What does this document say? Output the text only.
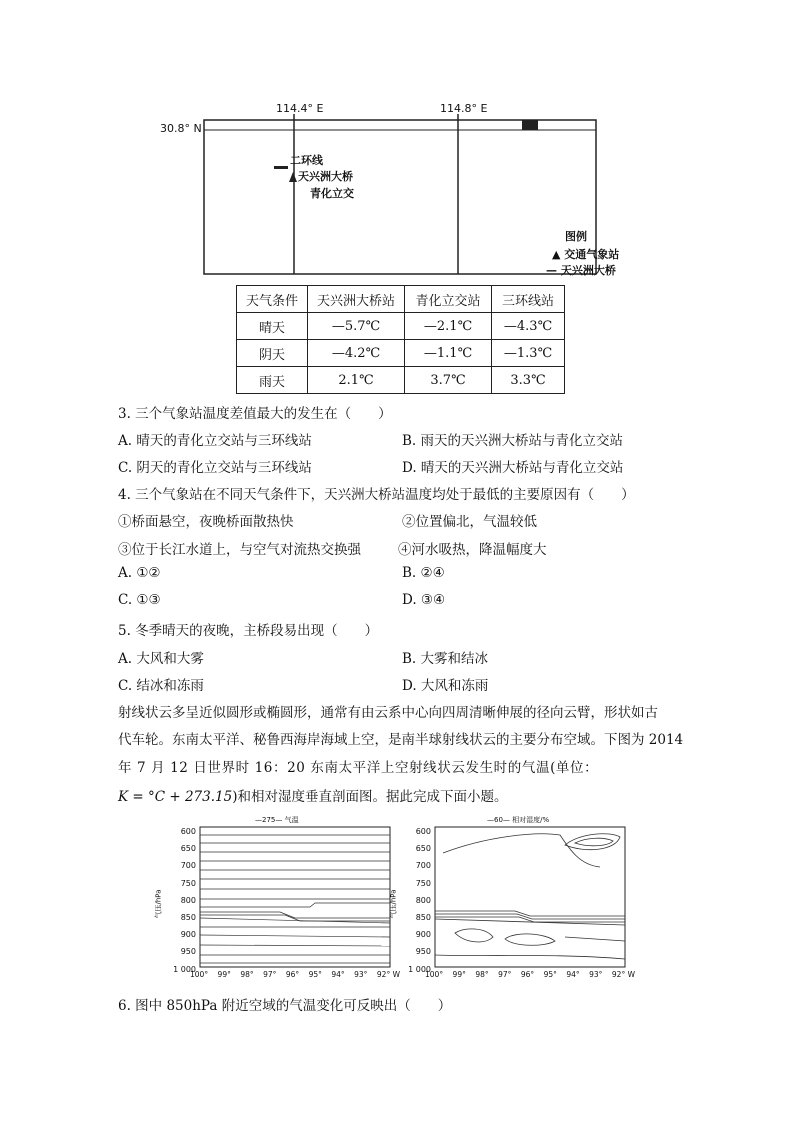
114.4° E	114.8° E
30.8° N
二环线
天兴洲大桥
青化立交
图例
▲ 交通气象站
— 天兴洲大桥
天气条件	天兴洲大桥站	青化立交站	三环线站
晴天	—5.7℃	—2.1℃	—4.3℃
阴天	—4.2℃	—1.1℃	—1.3℃
雨天	2.1℃	3.7℃	3.3℃
3. 三个气象站温度差值最大的发生在（　　）
A. 晴天的青化立交站与三环线站	B. 雨天的天兴洲大桥站与青化立交站
C. 阴天的青化立交站与三环线站	D. 晴天的天兴洲大桥站与青化立交站
4. 三个气象站在不同天气条件下，天兴洲大桥站温度均处于最低的主要原因有（　　）
①桥面悬空，夜晚桥面散热快	②位置偏北，气温较低
③位于长江水道上，与空气对流热交换强	④河水吸热，降温幅度大
A. ①②	B. ②④
C. ①③	D. ③④
5. 冬季晴天的夜晚，主桥段易出现（　　）
A. 大风和大雾	B. 大雾和结冰
C. 结冰和冻雨	D. 大风和冻雨
射线状云多呈近似圆形或椭圆形，通常有由云系中心向四周清晰伸展的径向云臂，形状如古
代车轮。东南太平洋、秘鲁西海岸海域上空，是南半球射线状云的主要分布空域。下图为 2014
年 7 月 12 日世界时 16：20 东南太平洋上空射线状云发生时的气温(单位：
K = °C + 273.15)和相对湿度垂直剖面图。据此完成下面小题。
—275— 气温
气压/hPa
600
650
700
750
800
850
900
950
1 000
100° 99° 98° 97° 96° 95° 94° 93° 92° W
—60— 相对湿度/%
气压/hPa
600
650
700
750
800
850
900
950
1 000
100° 99° 98° 97° 96° 95° 94° 93° 92° W
6. 图中 850hPa 附近空域的气温变化可反映出（　　）
